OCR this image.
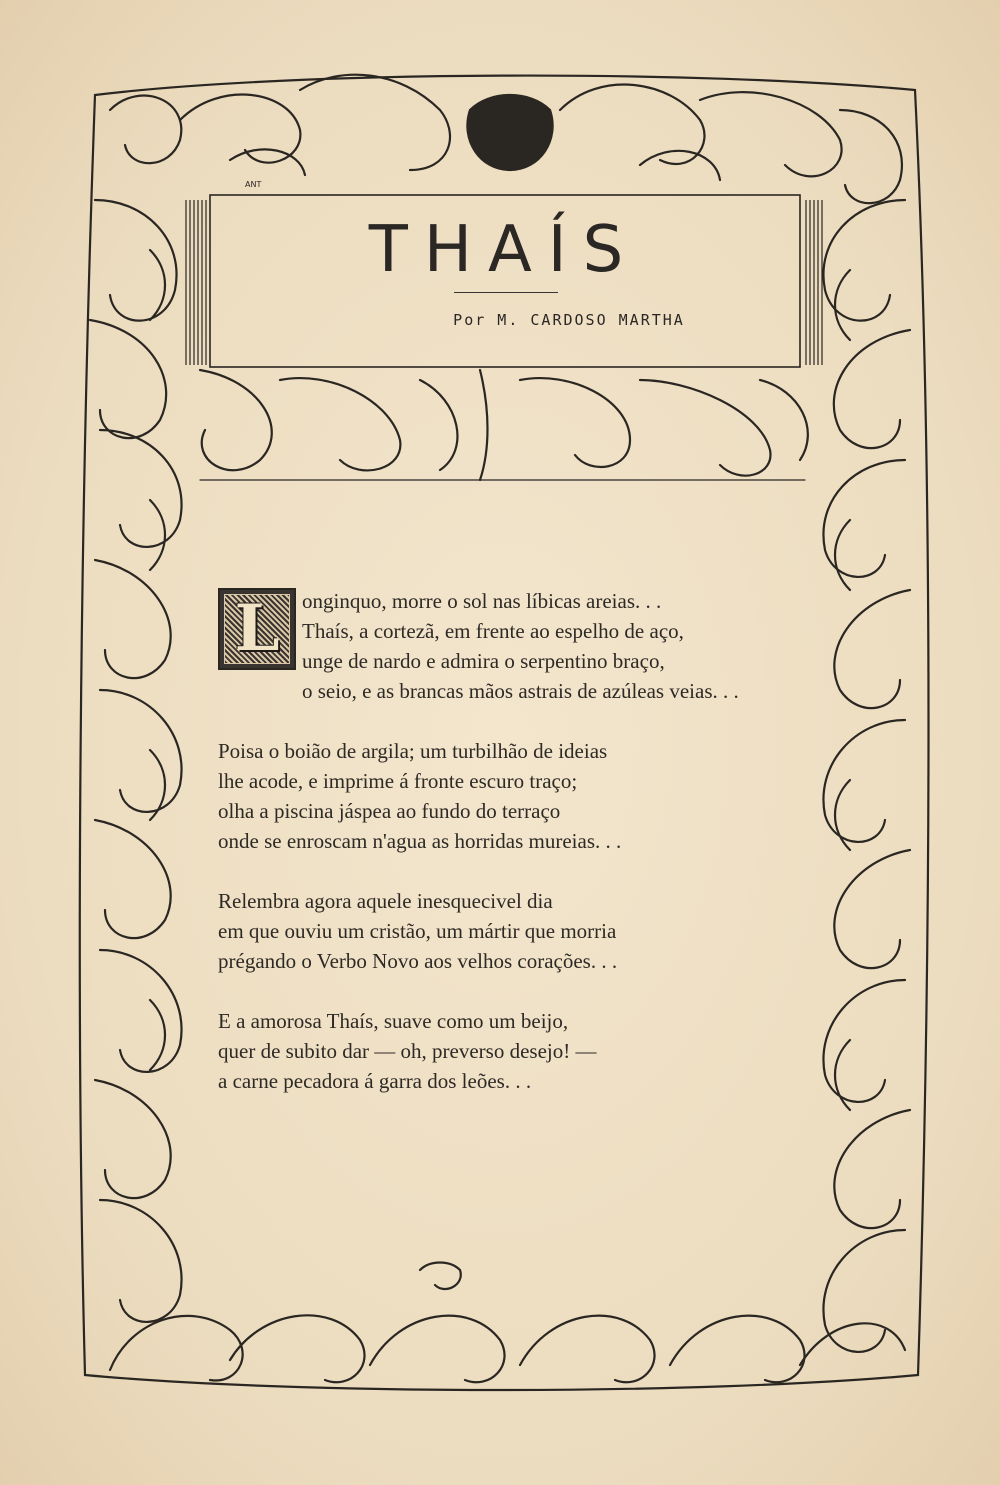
ANT
THAÍS
Por M. CARDOSO MARTHA
L	onginquo, morre o sol nas líbicas areias. . .
Thaís, a cortezã, em frente ao espelho de aço,
unge de nardo e admira o serpentino braço,
o seio, e as brancas mãos astrais de azúleas veias. . .
Poisa o boião de argila; um turbilhão de ideias
lhe acode, e imprime á fronte escuro traço;
olha a piscina jáspea ao fundo do terraço
onde se enroscam n'agua as horridas mureias. . .
Relembra agora aquele inesquecivel dia
em que ouviu um cristão, um mártir que morria
prégando o Verbo Novo aos velhos corações. . .
E a amorosa Thaís, suave como um beijo,
quer de subito dar — oh, preverso desejo! —
a carne pecadora á garra dos leões. . .
